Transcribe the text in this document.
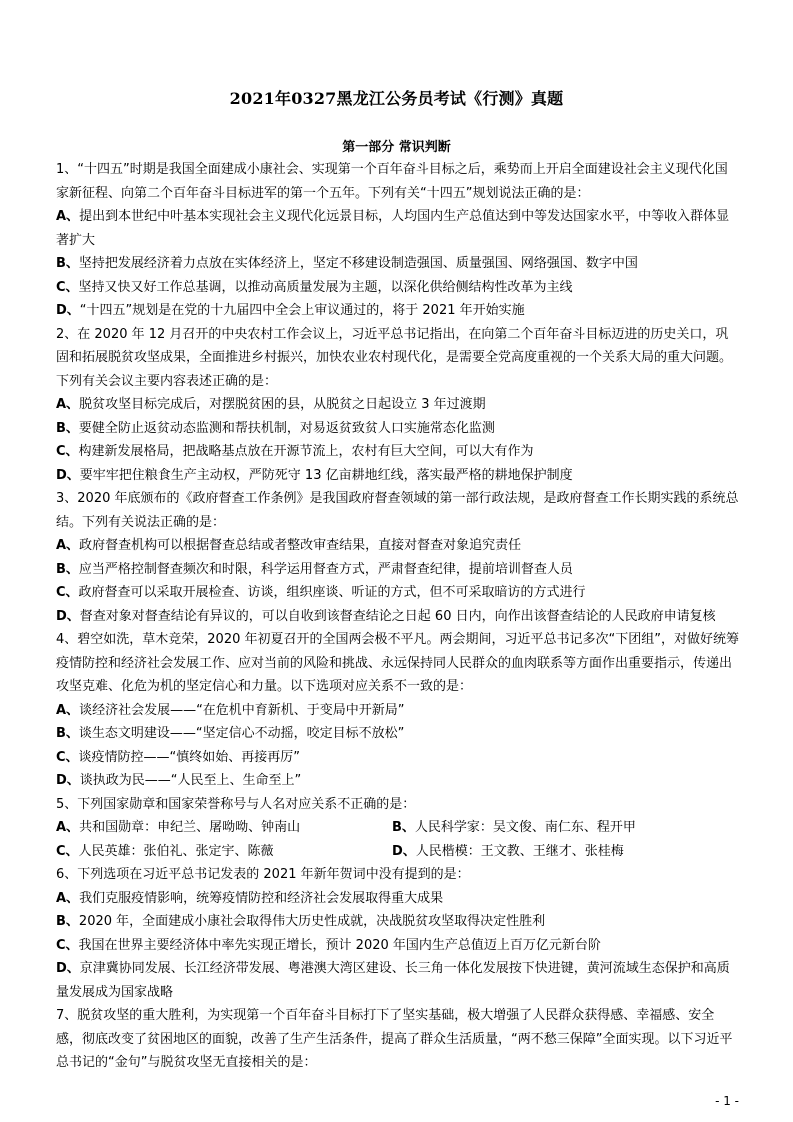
2021年0327黑龙江公务员考试《行测》真题
第一部分 常识判断

1、“十四五”时期是我国全面建成小康社会、实现第一个百年奋斗目标之后，乘势而上开启全面建设社会主义现代化国家新征程、向第二个百年奋斗目标进军的第一个五年。下列有关“十四五”规划说法正确的是：

A、提出到本世纪中叶基本实现社会主义现代化远景目标，人均国内生产总值达到中等发达国家水平，中等收入群体显著扩大

B、坚持把发展经济着力点放在实体经济上，坚定不移建设制造强国、质量强国、网络强国、数字中国

C、坚持又快又好工作总基调，以推动高质量发展为主题，以深化供给侧结构性改革为主线

D、“十四五”规划是在党的十九届四中全会上审议通过的，将于 2021 年开始实施

2、在 2020 年 12 月召开的中央农村工作会议上，习近平总书记指出，在向第二个百年奋斗目标迈进的历史关口，巩固和拓展脱贫攻坚成果，全面推进乡村振兴，加快农业农村现代化，是需要全党高度重视的一个关系大局的重大问题。下列有关会议主要内容表述正确的是：

A、脱贫攻坚目标完成后，对摆脱贫困的县，从脱贫之日起设立 3 年过渡期

B、要健全防止返贫动态监测和帮扶机制，对易返贫致贫人口实施常态化监测

C、构建新发展格局，把战略基点放在开源节流上，农村有巨大空间，可以大有作为

D、要牢牢把住粮食生产主动权，严防死守 13 亿亩耕地红线，落实最严格的耕地保护制度

3、2020 年底颁布的《政府督查工作条例》是我国政府督查领域的第一部行政法规，是政府督查工作长期实践的系统总结。下列有关说法正确的是：

A、政府督查机构可以根据督查总结或者整改审查结果，直接对督查对象追究责任

B、应当严格控制督查频次和时限，科学运用督查方式，严肃督查纪律，提前培训督查人员

C、政府督查可以采取开展检查、访谈，组织座谈、听证的方式，但不可采取暗访的方式进行

D、督查对象对督查结论有异议的，可以自收到该督查结论之日起 60 日内，向作出该督查结论的人民政府申请复核

4、碧空如洗，草木竞荣，2020 年初夏召开的全国两会极不平凡。两会期间，习近平总书记多次“下团组”，对做好统筹疫情防控和经济社会发展工作、应对当前的风险和挑战、永远保持同人民群众的血肉联系等方面作出重要指示，传递出攻坚克难、化危为机的坚定信心和力量。以下选项对应关系不一致的是：

A、谈经济社会发展——“在危机中育新机、于变局中开新局”

B、谈生态文明建设——“坚定信心不动摇，咬定目标不放松”

C、谈疫情防控——“慎终如始、再接再厉”

D、谈执政为民——“人民至上、生命至上”

5、下列国家勋章和国家荣誉称号与人名对应关系不正确的是：

A、共和国勋章：申纪兰、屠呦呦、钟南山	B、人民科学家：吴文俊、南仁东、程开甲
C、人民英雄：张伯礼、张定宇、陈薇	D、人民楷模：王文教、王继才、张桂梅

6、下列选项在习近平总书记发表的 2021 年新年贺词中没有提到的是：

A、我们克服疫情影响，统筹疫情防控和经济社会发展取得重大成果

B、2020 年，全面建成小康社会取得伟大历史性成就，决战脱贫攻坚取得决定性胜利

C、我国在世界主要经济体中率先实现正增长，预计 2020 年国内生产总值迈上百万亿元新台阶

D、京津冀协同发展、长江经济带发展、粤港澳大湾区建设、长三角一体化发展按下快进键，黄河流域生态保护和高质量发展成为国家战略

7、脱贫攻坚的重大胜利，为实现第一个百年奋斗目标打下了坚实基础，极大增强了人民群众获得感、幸福感、安全感，彻底改变了贫困地区的面貌，改善了生产生活条件，提高了群众生活质量，“两不愁三保障”全面实现。以下习近平总书记的“金句”与脱贫攻坚无直接相关的是：

- 1 -
